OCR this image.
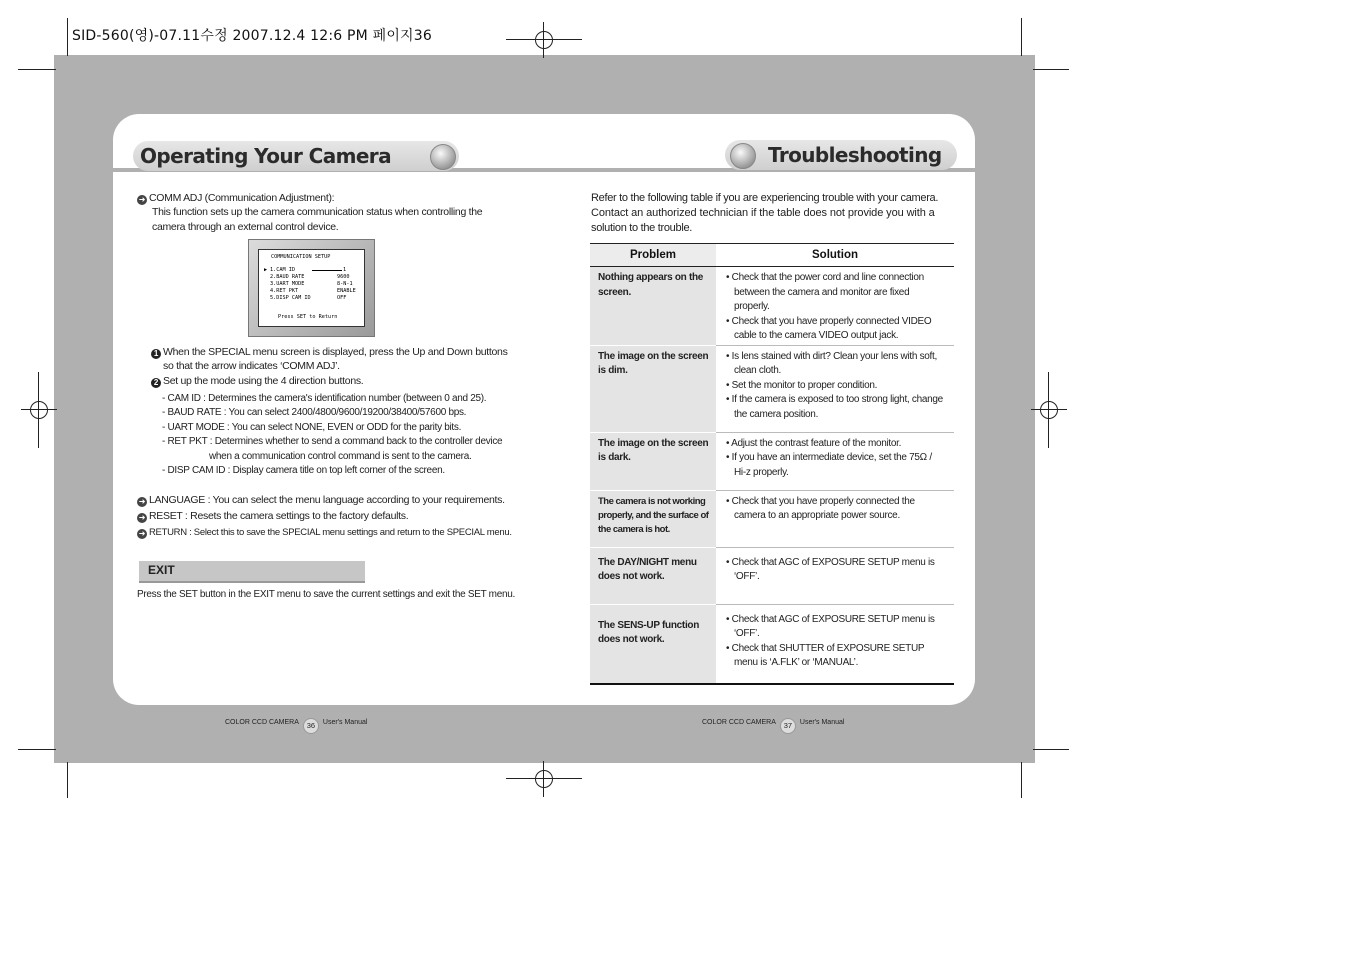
SID-560(영)-07.11수정 2007.12.4 12:6 PM 페이지36
Operating Your Camera	Troubleshooting
➜ COMM ADJ (Communication Adjustment):
This function sets up the camera communication status when controlling the
camera through an external control device.
COMMUNICATION SETUP
▶ 1.CAM ID	1
2.BAUD RATE	9600
3.UART MODE	8-N-1
4.RET PKT	ENABLE
5.DISP CAM ID	OFF
Press SET to Return
1 When the SPECIAL menu screen is displayed, press the Up and Down buttons
so that the arrow indicates ‘COMM ADJ’.
2 Set up the mode using the 4 direction buttons.
- CAM ID : Determines the camera's identification number (between 0 and 25).
- BAUD RATE : You can select 2400/4800/9600/19200/38400/57600 bps.
- UART MODE : You can select NONE, EVEN or ODD for the parity bits.
- RET PKT : Determines whether to send a command back to the controller device
when a communication control command is sent to the camera.
- DISP CAM ID : Display camera title on top left corner of the screen.
➜ LANGUAGE : You can select the menu language according to your requirements.
➜ RESET : Resets the camera settings to the factory defaults.
➜ RETURN : Select this to save the SPECIAL menu settings and return to the SPECIAL menu.
EXIT
Press the SET button in the EXIT menu to save the current settings and exit the SET menu.
Refer to the following table if you are experiencing trouble with your camera.
Contact an authorized technician if the table does not provide you with a
solution to the trouble.
Problem	Solution
Nothing appears on the screen.	• Check that the power cord and line connection between the camera and monitor are fixed properly.
• Check that you have properly connected VIDEO cable to the camera VIDEO output jack.

The image on the screen is dim.	• Is lens stained with dirt? Clean your lens with soft, clean cloth.
• Set the monitor to proper condition.
• If the camera is exposed to too strong light, change the camera position.

The image on the screen is dark.	• Adjust the contrast feature of the monitor.
• If you have an intermediate device, set the 75Ω / Hi-z properly.

The camera is not working properly, and the surface of the camera is hot.	• Check that you have properly connected the camera to an appropriate power source.

The DAY/NIGHT menu does not work.	• Check that AGC of EXPOSURE SETUP menu is ‘OFF’.

The SENS-UP function does not work.	• Check that AGC of EXPOSURE SETUP menu is ‘OFF’.
• Check that SHUTTER of EXPOSURE SETUP menu is ‘A.FLK’ or ‘MANUAL’.
COLOR CCD CAMERA 36 User's Manual	COLOR CCD CAMERA 37 User's Manual
